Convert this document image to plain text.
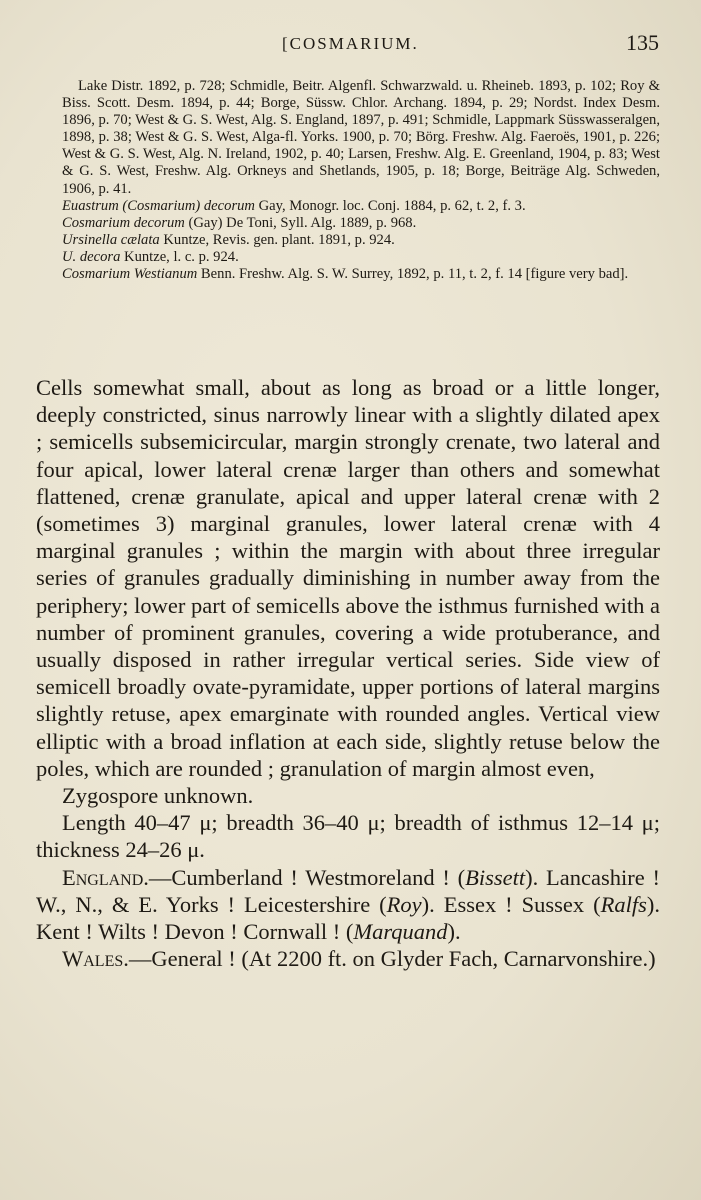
[COSMARIUM.	135
Lake Distr. 1892, p. 728; Schmidle, Beitr. Algenfl. Schwarzwald. u. Rheineb. 1893, p. 102; Roy & Biss. Scott. Desm. 1894, p. 44; Borge, Süssw. Chlor. Archang. 1894, p. 29; Nordst. Index Desm. 1896, p. 70; West & G. S. West, Alg. S. England, 1897, p. 491; Schmidle, Lappmark Süsswasseralgen, 1898, p. 38; West & G. S. West, Alga-fl. Yorks. 1900, p. 70; Börg. Freshw. Alg. Faeroës, 1901, p. 226; West & G. S. West, Alg. N. Ireland, 1902, p. 40; Larsen, Freshw. Alg. E. Greenland, 1904, p. 83; West & G. S. West, Freshw. Alg. Orkneys and Shetlands, 1905, p. 18; Borge, Beiträge Alg. Schweden, 1906, p. 41.
Euastrum (Cosmarium) decorum Gay, Monogr. loc. Conj. 1884, p. 62, t. 2, f. 3.
Cosmarium decorum (Gay) De Toni, Syll. Alg. 1889, p. 968.
Ursinella cælata Kuntze, Revis. gen. plant. 1891, p. 924.
U. decora Kuntze, l. c. p. 924.
Cosmarium Westianum Benn. Freshw. Alg. S. W. Surrey, 1892, p. 11, t. 2, f. 14 [figure very bad].

Cells somewhat small, about as long as broad or a little longer, deeply constricted, sinus narrowly linear with a slightly dilated apex ; semicells subsemicircular, margin strongly crenate, two lateral and four apical, lower lateral crenæ larger than others and somewhat flattened, crenæ granulate, apical and upper lateral crenæ with 2 (sometimes 3) marginal granules, lower lateral crenæ with 4 marginal granules ; within the margin with about three irregular series of granules gradually diminishing in number away from the periphery; lower part of semicells above the isthmus furnished with a number of prominent granules, covering a wide protuberance, and usually disposed in rather irregular vertical series. Side view of semicell broadly ovate-pyramidate, upper portions of lateral margins slightly retuse, apex emarginate with rounded angles. Vertical view elliptic with a broad inflation at each side, slightly retuse below the poles, which are rounded ; granulation of margin almost even,

Zygospore unknown.

Length 40–47 μ; breadth 36–40 μ; breadth of isthmus 12–14 μ; thickness 24–26 μ.

England.—Cumberland ! Westmoreland ! (Bissett). Lancashire ! W., N., & E. Yorks ! Leicestershire (Roy). Essex ! Sussex (Ralfs). Kent ! Wilts ! Devon ! Cornwall ! (Marquand).

Wales.—General ! (At 2200 ft. on Glyder Fach, Carnarvonshire.)
